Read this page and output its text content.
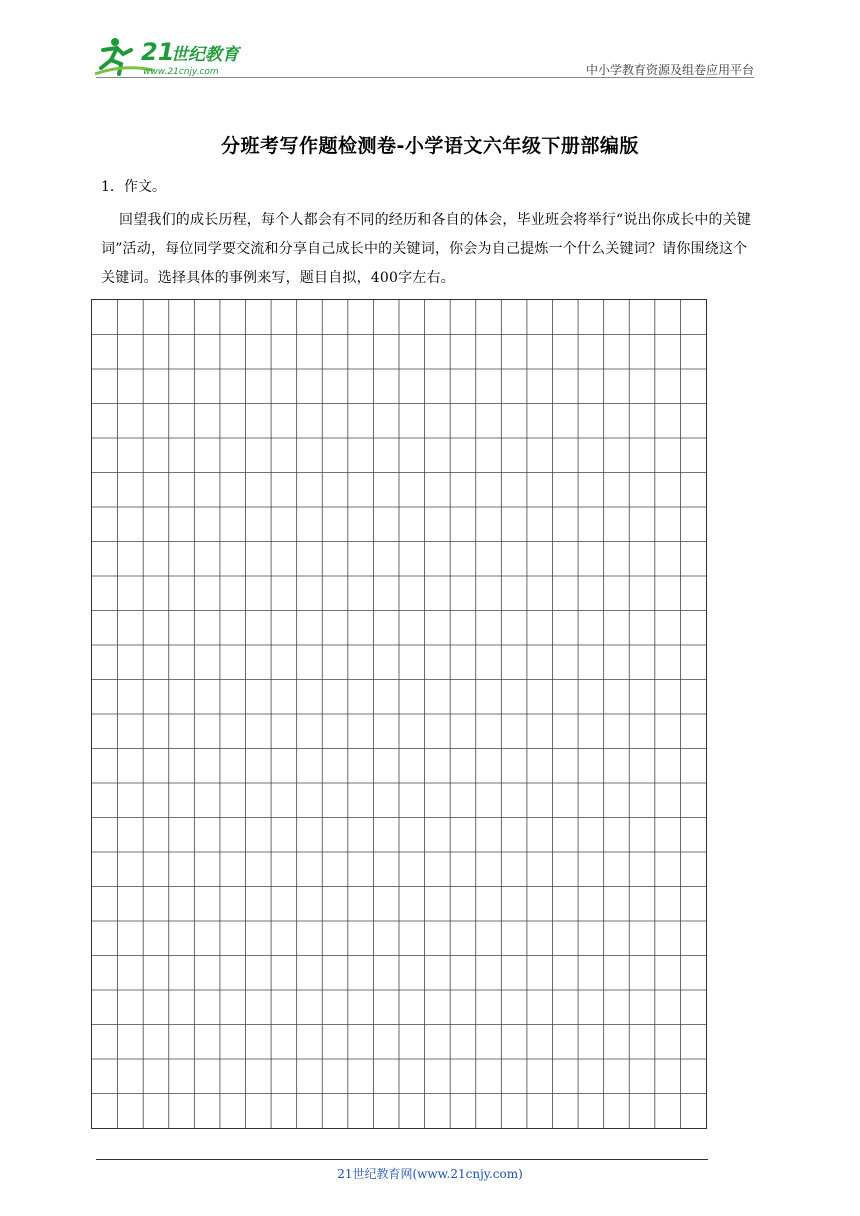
21
世纪教育
www.21cnjy.com	中小学教育资源及组卷应用平台
分班考写作题检测卷-小学语文六年级下册部编版
1．作文。
回望我们的成长历程，每个人都会有不同的经历和各自的体会，毕业班会将举行“说出你成长中的关键词”活动，每位同学要交流和分享自己成长中的关键词，你会为自己提炼一个什么关键词？请你围绕这个关键词。选择具体的事例来写，题目自拟，400字左右。
21世纪教育网(www.21cnjy.com)
